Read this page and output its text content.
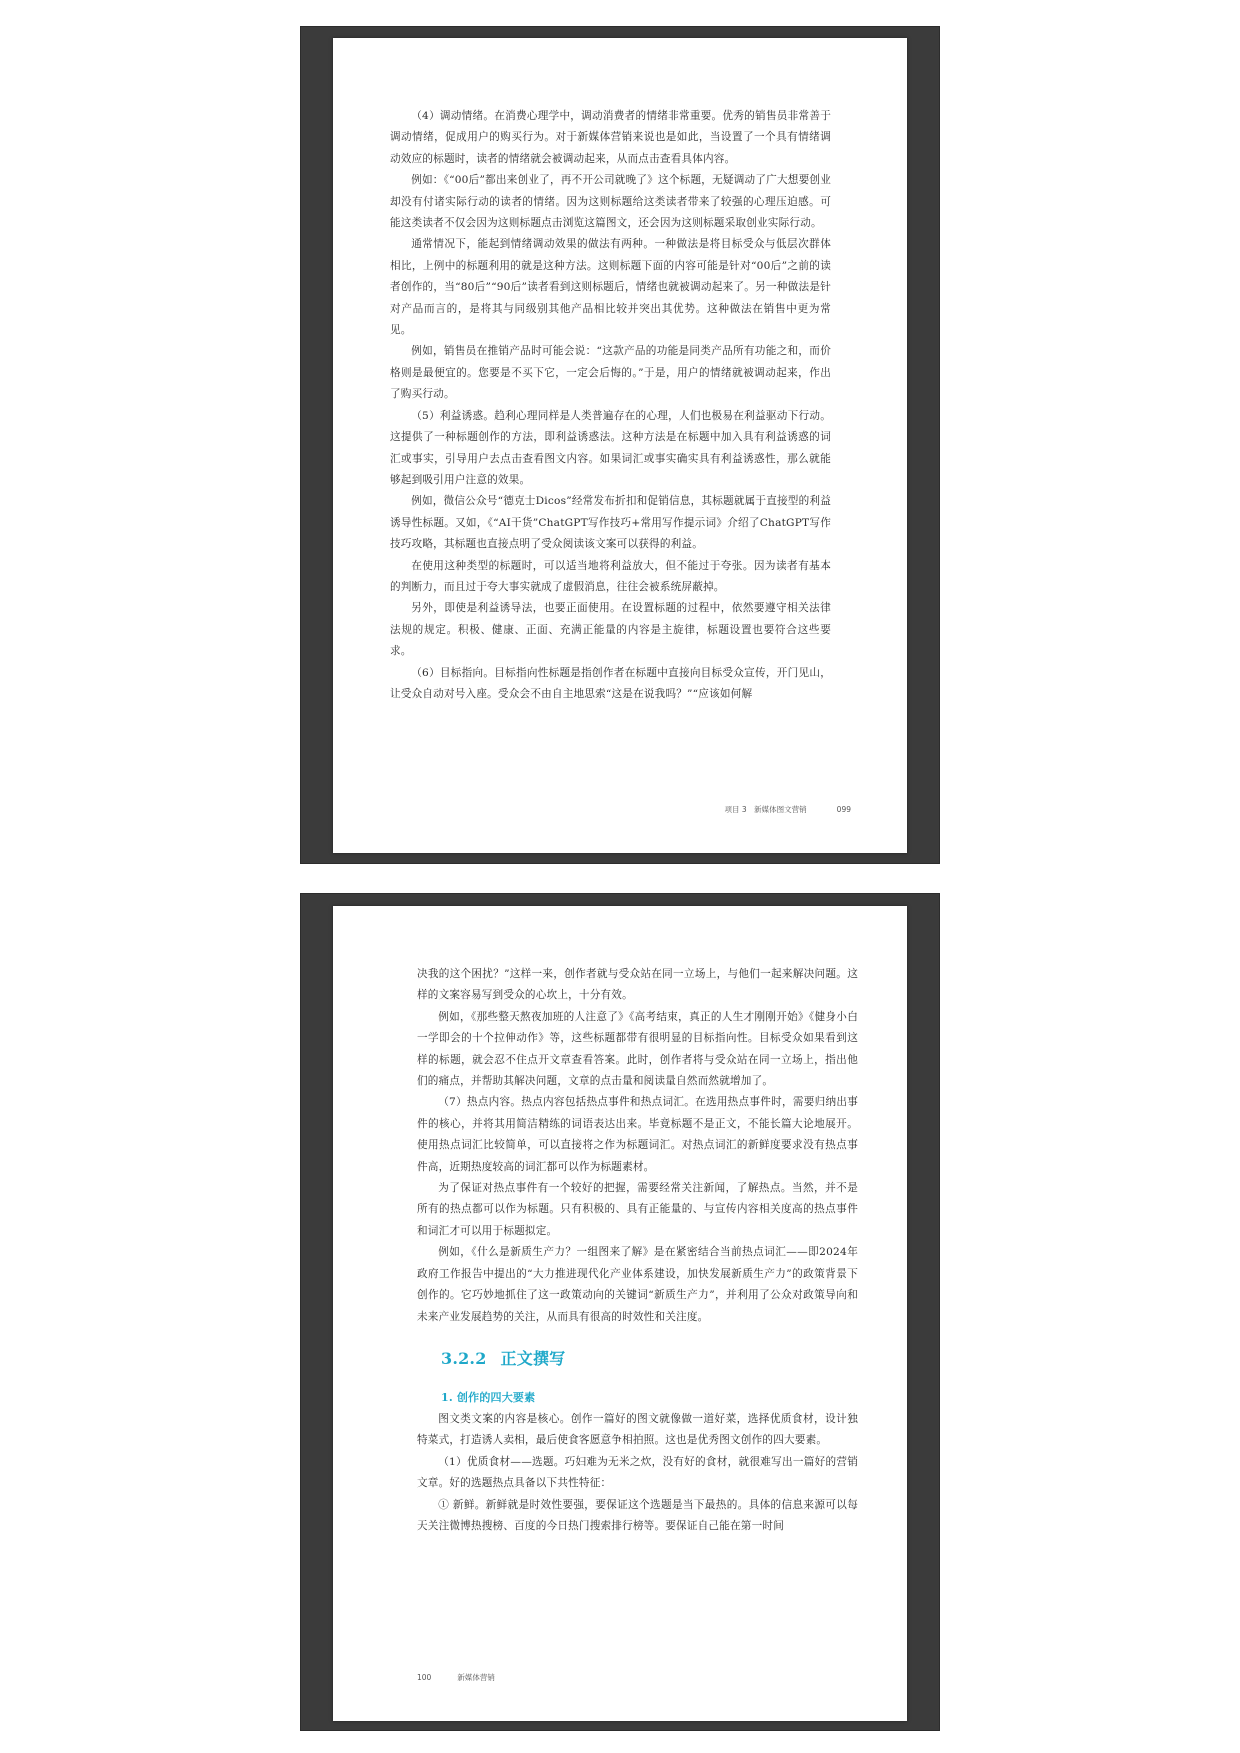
（4）调动情绪。在消费心理学中，调动消费者的情绪非常重要。优秀的销售员非常善于调动情绪，促成用户的购买行为。对于新媒体营销来说也是如此，当设置了一个具有情绪调动效应的标题时，读者的情绪就会被调动起来，从而点击查看具体内容。

例如：《“00后”都出来创业了，再不开公司就晚了》这个标题，无疑调动了广大想要创业却没有付诸实际行动的读者的情绪。因为这则标题给这类读者带来了较强的心理压迫感。可能这类读者不仅会因为这则标题点击浏览这篇图文，还会因为这则标题采取创业实际行动。

通常情况下，能起到情绪调动效果的做法有两种。一种做法是将目标受众与低层次群体相比，上例中的标题利用的就是这种方法。这则标题下面的内容可能是针对“00后”之前的读者创作的，当“80后”“90后”读者看到这则标题后，情绪也就被调动起来了。另一种做法是针对产品而言的，是将其与同级别其他产品相比较并突出其优势。这种做法在销售中更为常见。

例如，销售员在推销产品时可能会说：“这款产品的功能是同类产品所有功能之和，而价格则是最便宜的。您要是不买下它，一定会后悔的。”于是，用户的情绪就被调动起来，作出了购买行动。

（5）利益诱惑。趋利心理同样是人类普遍存在的心理，人们也极易在利益驱动下行动。这提供了一种标题创作的方法，即利益诱惑法。这种方法是在标题中加入具有利益诱惑的词汇或事实，引导用户去点击查看图文内容。如果词汇或事实确实具有利益诱惑性，那么就能够起到吸引用户注意的效果。

例如，微信公众号“德克士Dicos”经常发布折扣和促销信息，其标题就属于直接型的利益诱导性标题。又如，《“AI干货”ChatGPT写作技巧+常用写作提示词》介绍了ChatGPT写作技巧攻略，其标题也直接点明了受众阅读该文案可以获得的利益。

在使用这种类型的标题时，可以适当地将利益放大，但不能过于夸张。因为读者有基本的判断力，而且过于夸大事实就成了虚假消息，往往会被系统屏蔽掉。

另外，即使是利益诱导法，也要正面使用。在设置标题的过程中，依然要遵守相关法律法规的规定。积极、健康、正面、充满正能量的内容是主旋律，标题设置也要符合这些要求。

（6）目标指向。目标指向性标题是指创作者在标题中直接向目标受众宣传，开门见山，让受众自动对号入座。受众会不由自主地思索“这是在说我吗？”“应该如何解

项目 3　新媒体图文营销	099

决我的这个困扰？”这样一来，创作者就与受众站在同一立场上，与他们一起来解决问题。这样的文案容易写到受众的心坎上，十分有效。

例如，《那些整天熬夜加班的人注意了》《高考结束，真正的人生才刚刚开始》《健身小白一学即会的十个拉伸动作》等，这些标题都带有很明显的目标指向性。目标受众如果看到这样的标题，就会忍不住点开文章查看答案。此时，创作者将与受众站在同一立场上，指出他们的痛点，并帮助其解决问题，文章的点击量和阅读量自然而然就增加了。

（7）热点内容。热点内容包括热点事件和热点词汇。在选用热点事件时，需要归纳出事件的核心，并将其用简洁精练的词语表达出来。毕竟标题不是正文，不能长篇大论地展开。使用热点词汇比较简单，可以直接将之作为标题词汇。对热点词汇的新鲜度要求没有热点事件高，近期热度较高的词汇都可以作为标题素材。

为了保证对热点事件有一个较好的把握，需要经常关注新闻，了解热点。当然，并不是所有的热点都可以作为标题。只有积极的、具有正能量的、与宣传内容相关度高的热点事件和词汇才可以用于标题拟定。

例如，《什么是新质生产力？一组图来了解》是在紧密结合当前热点词汇——即2024年政府工作报告中提出的“大力推进现代化产业体系建设，加快发展新质生产力”的政策背景下创作的。它巧妙地抓住了这一政策动向的关键词“新质生产力”，并利用了公众对政策导向和未来产业发展趋势的关注，从而具有很高的时效性和关注度。

3.2.2 正文撰写
1. 创作的四大要素

图文类文案的内容是核心。创作一篇好的图文就像做一道好菜，选择优质食材，设计独特菜式，打造诱人卖相，最后使食客愿意争相拍照。这也是优秀图文创作的四大要素。

（1）优质食材——选题。巧妇难为无米之炊，没有好的食材，就很难写出一篇好的营销文章。好的选题热点具备以下共性特征：

① 新鲜。新鲜就是时效性要强，要保证这个选题是当下最热的。具体的信息来源可以每天关注微博热搜榜、百度的今日热门搜索排行榜等。要保证自己能在第一时间

100	新媒体营销
